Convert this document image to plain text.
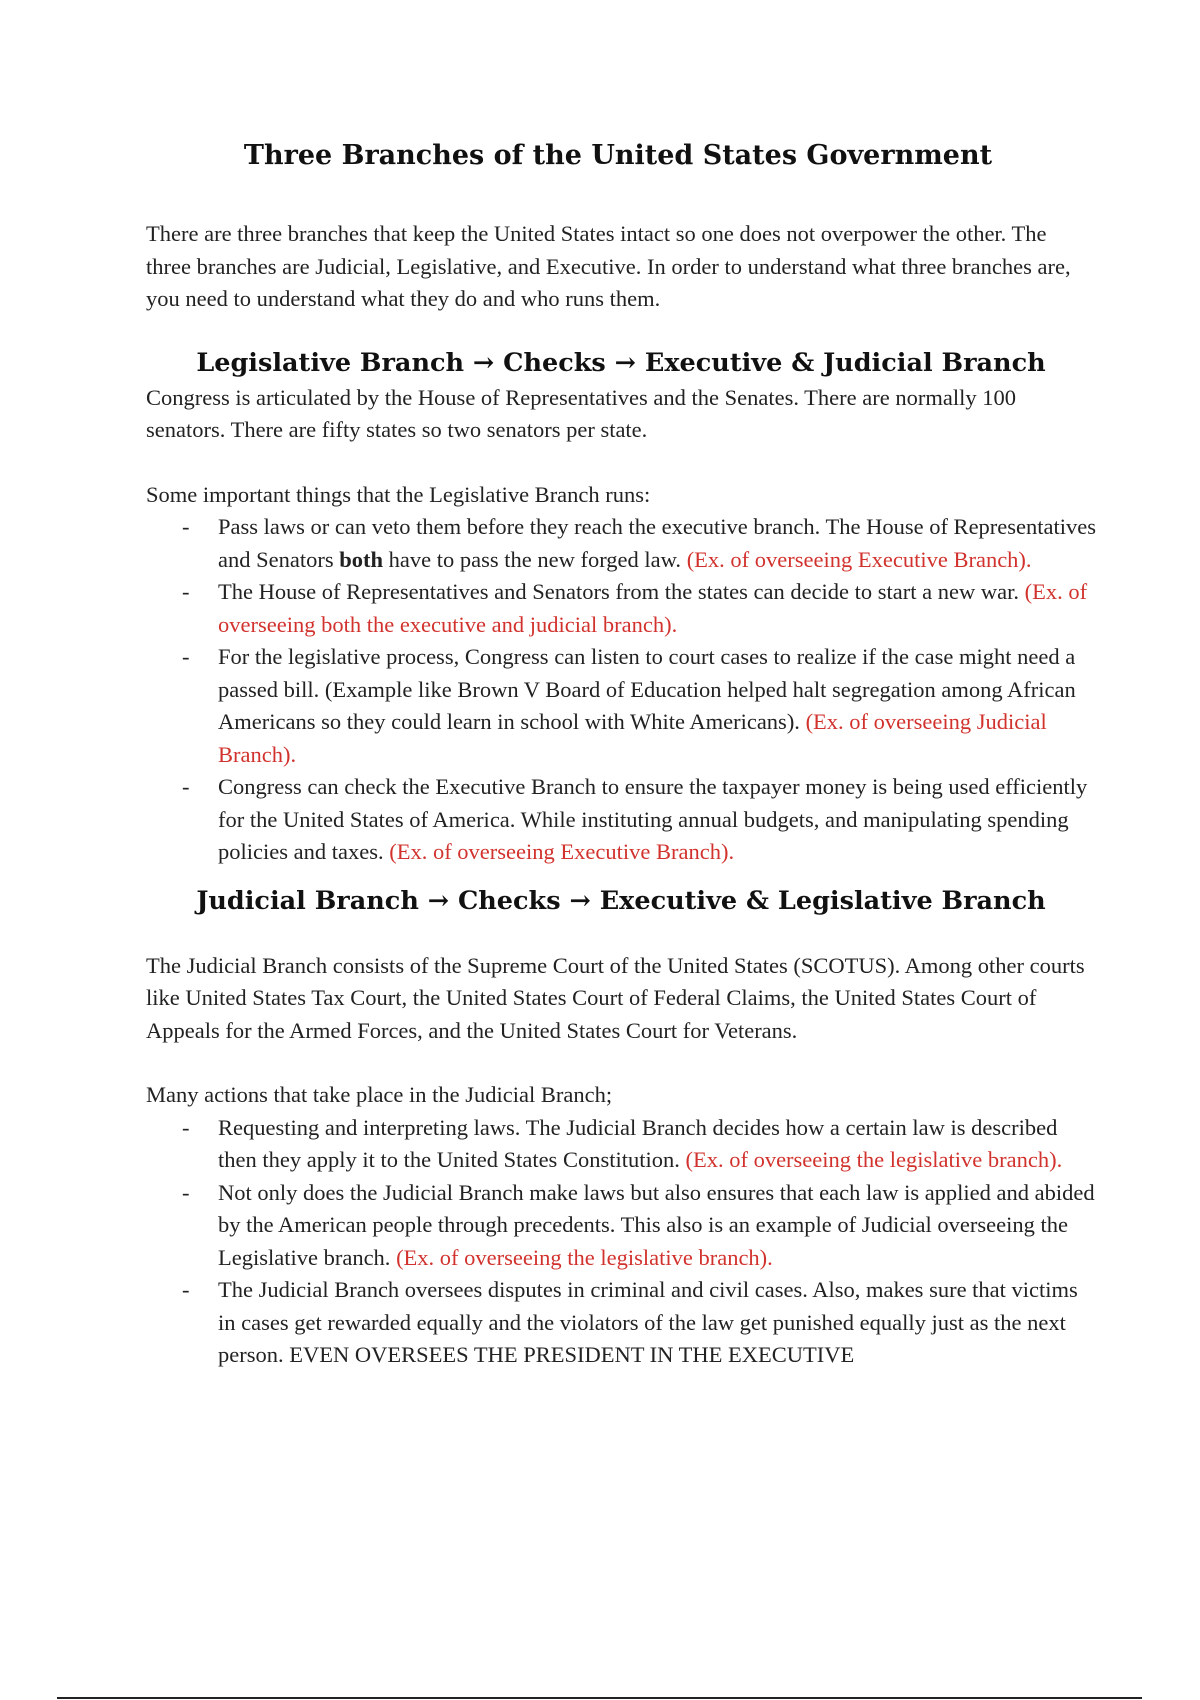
Three Branches of the United States Government

There are three branches that keep the United States intact so one does not overpower the other. The three branches are Judicial, Legislative, and Executive. In order to understand what three branches are, you need to understand what they do and who runs them.

Legislative Branch → Checks → Executive & Judicial Branch

Congress is articulated by the House of Representatives and the Senates. There are normally 100 senators. There are fifty states so two senators per state.

Some important things that the Legislative Branch runs:

- Pass laws or can veto them before they reach the executive branch. The House of Representatives and Senators both have to pass the new forged law. (Ex. of overseeing Executive Branch).
- The House of Representatives and Senators from the states can decide to start a new war. (Ex. of overseeing both the executive and judicial branch).
- For the legislative process, Congress can listen to court cases to realize if the case might need a passed bill. (Example like Brown V Board of Education helped halt segregation among African Americans so they could learn in school with White Americans). (Ex. of overseeing Judicial Branch).
- Congress can check the Executive Branch to ensure the taxpayer money is being used efficiently for the United States of America. While instituting annual budgets, and manipulating spending policies and taxes. (Ex. of overseeing Executive Branch).
Judicial Branch → Checks → Executive & Legislative Branch

The Judicial Branch consists of the Supreme Court of the United States (SCOTUS). Among other courts like United States Tax Court, the United States Court of Federal Claims, the United States Court of Appeals for the Armed Forces, and the United States Court for Veterans.

Many actions that take place in the Judicial Branch;

- Requesting and interpreting laws. The Judicial Branch decides how a certain law is described then they apply it to the United States Constitution. (Ex. of overseeing the legislative branch).
- Not only does the Judicial Branch make laws but also ensures that each law is applied and abided by the American people through precedents. This also is an example of Judicial overseeing the Legislative branch. (Ex. of overseeing the legislative branch).
- The Judicial Branch oversees disputes in criminal and civil cases. Also, makes sure that victims in cases get rewarded equally and the violators of the law get punished equally just as the next person. EVEN OVERSEES THE PRESIDENT IN THE EXECUTIVE
